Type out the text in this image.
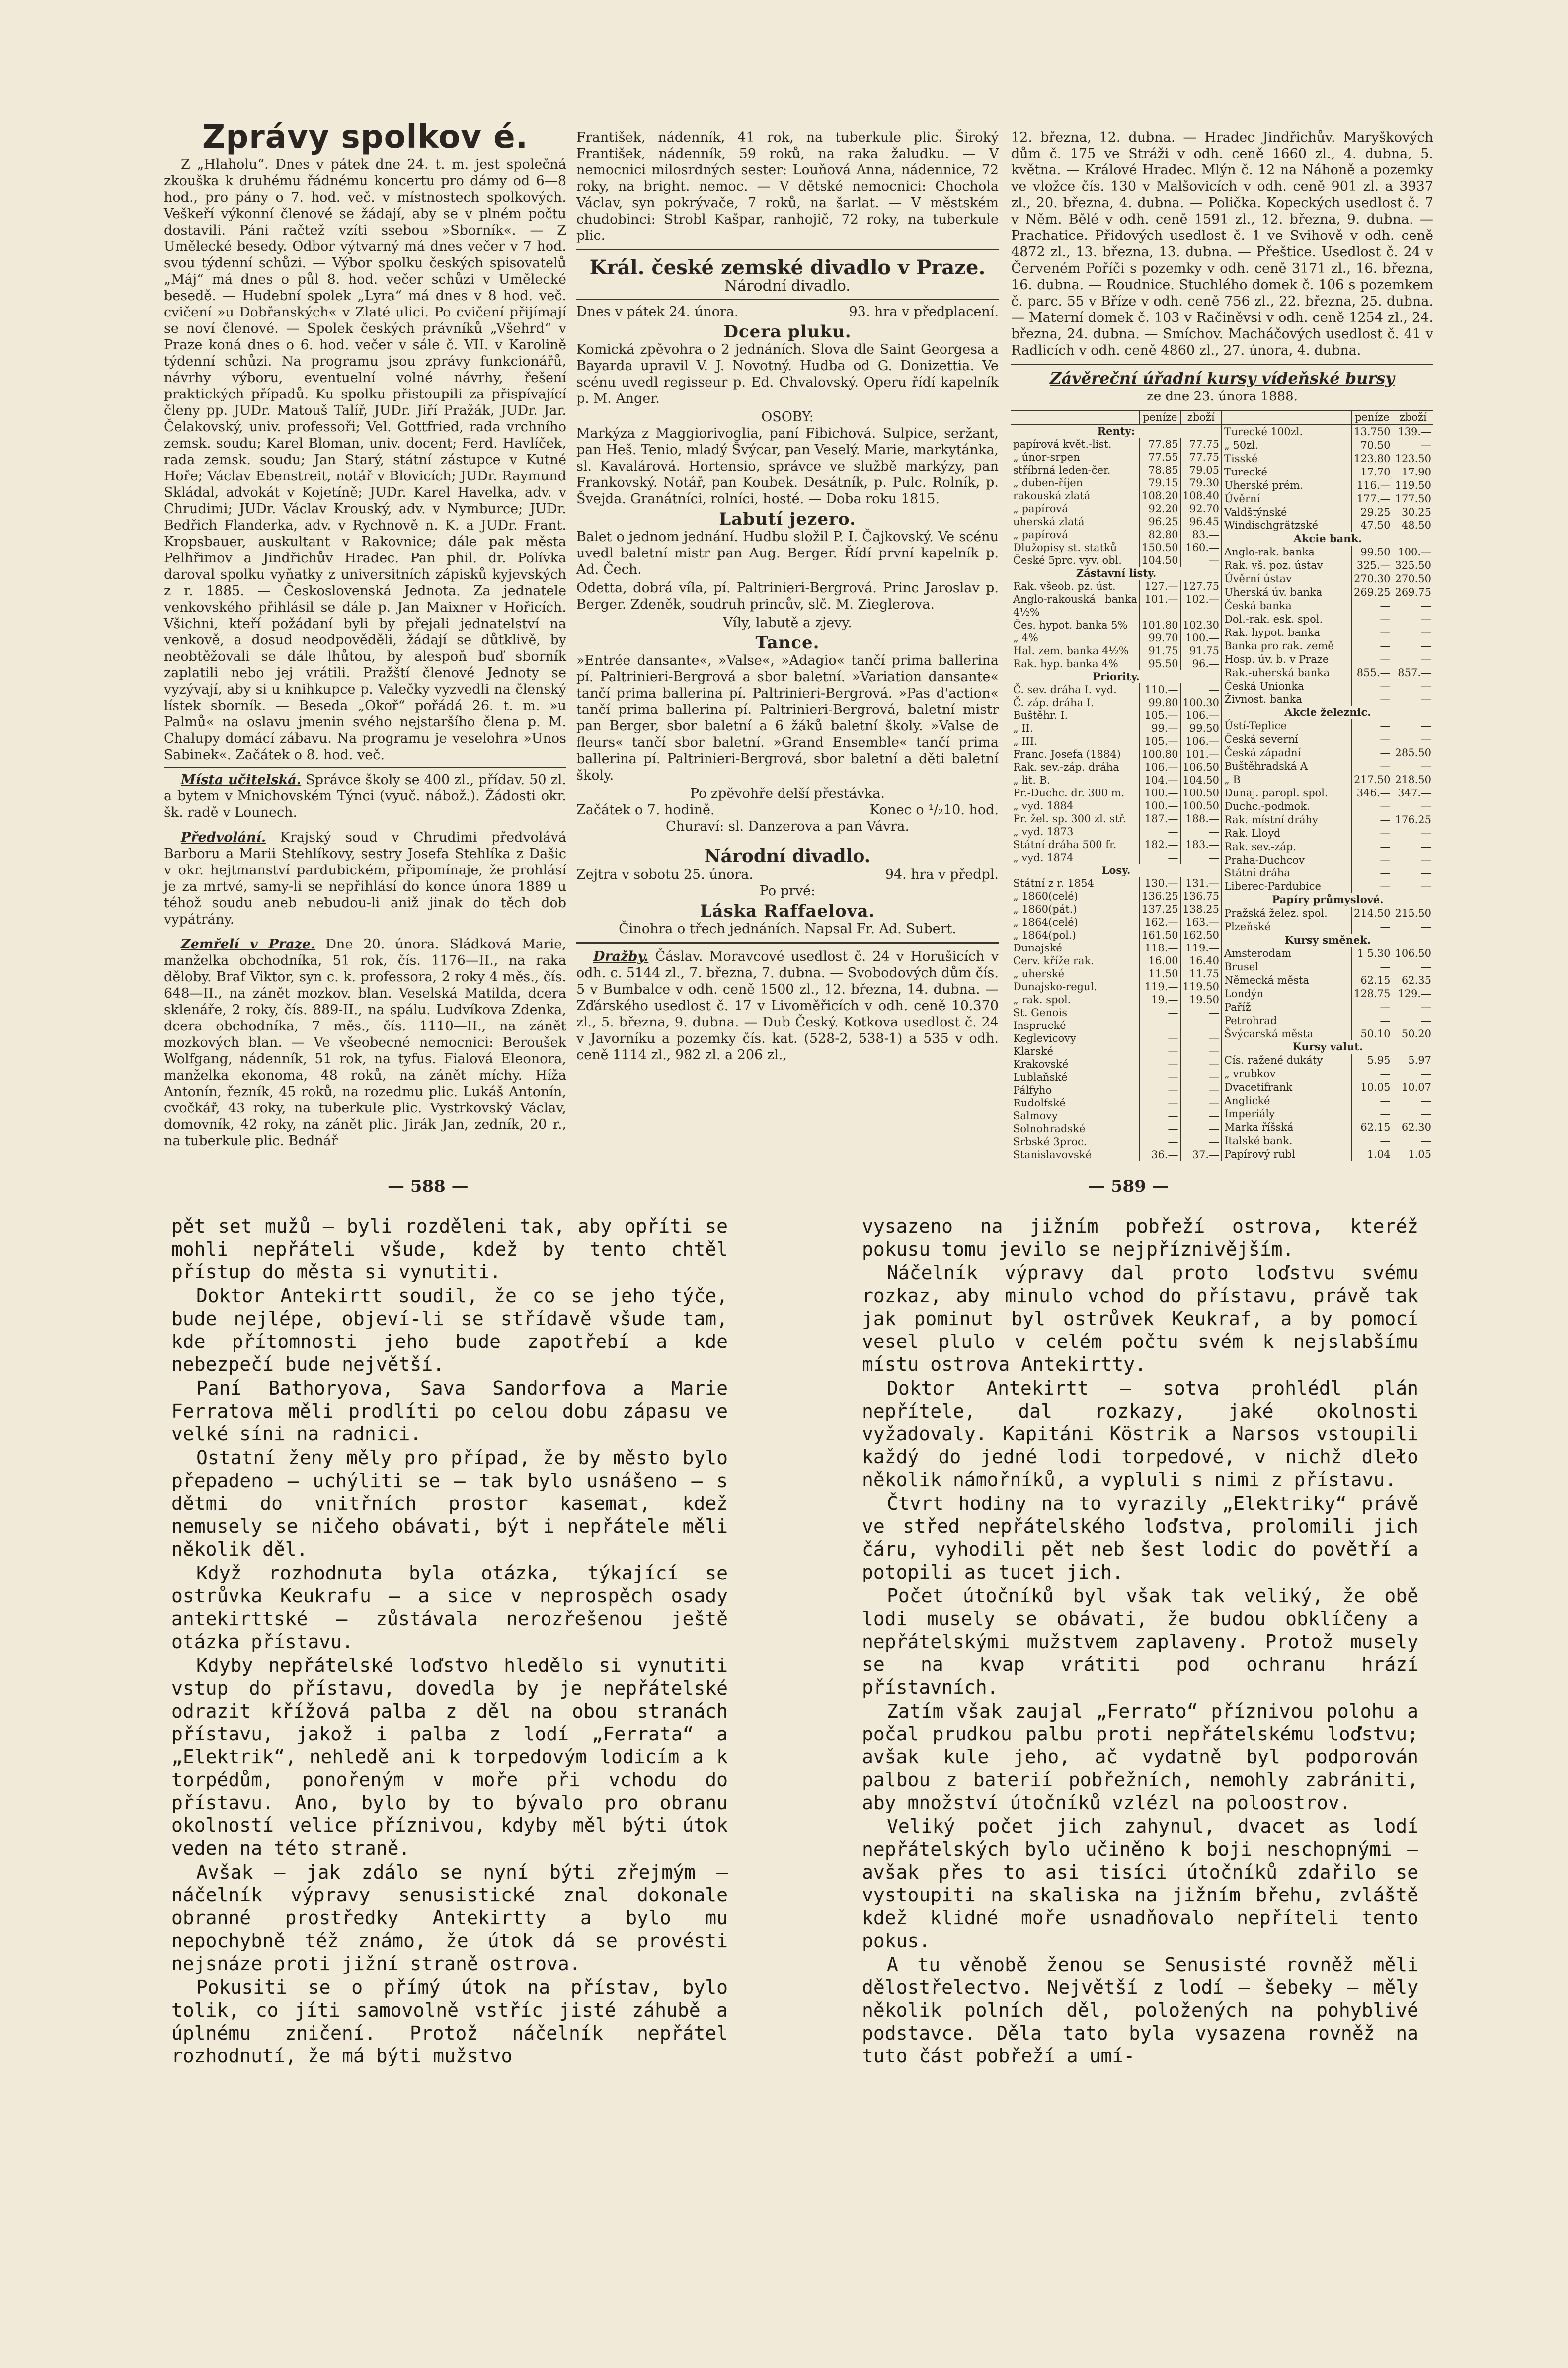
Zprávy spolkov é.

Z „Hlaholu“. Dnes v pátek dne 24. t. m. jest společná zkouška k druhému řádnému koncertu pro dámy od 6—8 hod., pro pány o 7. hod. več. v místnostech spolkových. Veškeří výkonní členové se žádají, aby se v plném počtu dostavili. Páni račtež vzíti ssebou »Sborník«. — Z Umělecké besedy. Odbor výtvarný má dnes večer v 7 hod. svou týdenní schůzi. — Výbor spolku českých spisovatelů „Máj“ má dnes o půl 8. hod. večer schůzi v Umělecké besedě. — Hudební spolek „Lyra“ má dnes v 8 hod. več. cvičení »u Dobřanských« v Zlaté ulici. Po cvičení přijímají se noví členové. — Spolek českých právníků „Všehrd“ v Praze koná dnes o 6. hod. večer v sále č. VII. v Karolině týdenní schůzi. Na programu jsou zprávy funkcionářů, návrhy výboru, eventuelní volné návrhy, řešení praktických případů. Ku spolku přistoupili za přispívající členy pp. JUDr. Matouš Talíř, JUDr. Jiří Pražák, JUDr. Jar. Čelakovský, univ. professoři; Vel. Gottfried, rada vrchního zemsk. soudu; Karel Bloman, univ. docent; Ferd. Havlíček, rada zemsk. soudu; Jan Starý, státní zástupce v Kutné Hoře; Václav Ebenstreit, notář v Blovicích; JUDr. Raymund Skládal, advokát v Kojetíně; JUDr. Karel Havelka, adv. v Chrudimi; JUDr. Václav Krouský, adv. v Nymburce; JUDr. Bedřich Flanderka, adv. v Rychnově n. K. a JUDr. Frant. Kropsbauer, auskultant v Rakovnice; dále pak města Pelhřimov a Jindřichův Hradec. Pan phil. dr. Polívka daroval spolku vyňatky z universitních zápisků kyjevských z r. 1885. — Československá Jednota. Za jednatele venkovského přihlásil se dále p. Jan Maixner v Hořicích. Všichni, kteří požádaní byli by přejali jednatelství na venkově, a dosud neodpověděli, žádají se důtklivě, by neobtěžovali se dále lhůtou, by alespoň buď sborník zaplatili nebo jej vrátili. Pražští členové Jednoty se vyzývají, aby si u knihkupce p. Valečky vyzvedli na členský lístek sborník. — Beseda „Okoř“ pořádá 26. t. m. »u Palmů« na oslavu jmenin svého nejstaršího člena p. M. Chalupy domácí zábavu. Na programu je veselohra »Unos Sabinek«. Začátek o 8. hod. več.

Místa učitelská. Správce školy se 400 zl., přídav. 50 zl. a bytem v Mnichovském Týnci (vyuč. nábož.). Žádosti okr. šk. radě v Lounech.

Předvolání. Krajský soud v Chrudimi předvolává Barboru a Marii Stehlíkovy, sestry Josefa Stehlíka z Dašic v okr. hejtmanství pardubickém, připomínaje, že prohlásí je za mrtvé, samy-li se nepřihlásí do konce února 1889 u téhož soudu aneb nebudou-li aniž jinak do těch dob vypátrány.

Zemřelí v Praze. Dne 20. února. Sládková Marie, manželka obchodníka, 51 rok, čís. 1176—II., na raka děloby. Braf Viktor, syn c. k. professora, 2 roky 4 měs., čís. 648—II., na zánět mozkov. blan. Veselská Matilda, dcera sklenáře, 2 roky, čís. 889-II., na spálu. Ludvíkova Zdenka, dcera obchodníka, 7 měs., čís. 1110—II., na zánět mozkových blan. — Ve všeobecné nemocnici: Beroušek Wolfgang, nádenník, 51 rok, na tyfus. Fialová Eleonora, manželka ekonoma, 48 roků, na zánět míchy. Híža Antonín, řezník, 45 roků, na rozedmu plic. Lukáš Antonín, cvočkář, 43 roky, na tuberkule plic. Vystrkovský Václav, domovník, 42 roky, na zánět plic. Jirák Jan, zedník, 20 r., na tuberkule plic. Bednář

František, nádenník, 41 rok, na tuberkule plic. Široký František, nádenník, 59 roků, na raka žaludku. — V nemocnici milosrdných sester: Louňová Anna, nádennice, 72 roky, na bright. nemoc. — V dětské nemocnici: Chochola Václav, syn pokrývače, 7 roků, na šarlat. — V městském chudobinci: Strobl Kašpar, ranhojič, 72 roky, na tuberkule plic.

Král. české zemské divadlo v Praze.
Národní divadlo.
Dnes v pátek 24. února.	93. hra v předplacení.
Dcera pluku.

Komická zpěvohra o 2 jednáních. Slova dle Saint Georgesa a Bayarda upravil V. J. Novotný. Hudba od G. Donizettia. Ve scénu uvedl regisseur p. Ed. Chvalovský. Operu řídí kapelník p. M. Anger.

OSOBY:

Markýza z Maggiorivoglia, paní Fibichová. Sulpice, seržant, pan Heš. Tenio, mladý Švýcar, pan Veselý. Marie, markytánka, sl. Kavalárová. Hortensio, správce ve službě markýzy, pan Frankovský. Notář, pan Koubek. Desátník, p. Pulc. Rolník, p. Švejda. Granátníci, rolníci, hosté. — Doba roku 1815.

Labutí jezero.

Balet o jednom jednání. Hudbu složil P. I. Čajkovský. Ve scénu uvedl baletní mistr pan Aug. Berger. Řídí první kapelník p. Ad. Čech.

Odetta, dobrá víla, pí. Paltrinieri-Bergrová. Princ Jaroslav p. Berger. Zdeněk, soudruh princův, slč. M. Zieglerova.

Víly, labutě a zjevy.
Tance.

»Entrée dansante«, »Valse«, »Adagio« tančí prima ballerina pí. Paltrinieri-Bergrová a sbor baletní. »Variation dansante« tančí prima ballerina pí. Paltrinieri-Bergrová. »Pas d'action« tančí prima ballerina pí. Paltrinieri-Bergrová, baletní mistr pan Berger, sbor baletní a 6 žáků baletní školy. »Valse de fleurs« tančí sbor baletní. »Grand Ensemble« tančí prima ballerina pí. Paltrinieri-Bergrová, sbor baletní a děti baletní školy.

Po zpěvohře delší přestávka.
Začátek o 7. hodině.	Konec o ¹/₂10. hod.
Churaví: sl. Danzerova a pan Vávra.
Národní divadlo.
Zejtra v sobotu 25. února.	94. hra v předpl.
Po prvé:
Láska Raffaelova.
Činohra o třech jednáních. Napsal Fr. Ad. Subert.

Dražby. Čáslav. Moravcové usedlost č. 24 v Horušicích v odh. c. 5144 zl., 7. března, 7. dubna. — Svobodových dům čís. 5 v Bumbalce v odh. ceně 1500 zl., 12. března, 14. dubna. — Zďárského usedlost č. 17 v Livoměřicích v odh. ceně 10.370 zl., 5. března, 9. dubna. — Dub Český. Kotkova usedlost č. 24 v Javorníku a pozemky čís. kat. (528-2, 538-1) a 535 v odh. ceně 1114 zl., 982 zl. a 206 zl.,

12. března, 12. dubna. — Hradec Jindřichův. Maryškových dům č. 175 ve Stráži v odh. ceně 1660 zl., 4. dubna, 5. května. — Králové Hradec. Mlýn č. 12 na Náhoně a pozemky ve vložce čís. 130 v Malšovicích v odh. ceně 901 zl. a 3937 zl., 20. března, 4. dubna. — Polička. Kopeckých usedlost č. 7 v Něm. Bělé v odh. ceně 1591 zl., 12. března, 9. dubna. — Prachatice. Přidových usedlost č. 1 ve Svihově v odh. ceně 4872 zl., 13. března, 13. dubna. — Přeštice. Usedlost č. 24 v Červeném Poříči s pozemky v odh. ceně 3171 zl., 16. března, 16. dubna. — Roudnice. Stuchlého domek č. 106 s pozemkem č. parc. 55 v Bříze v odh. ceně 756 zl., 22. března, 25. dubna. — Materní domek č. 103 v Račiněvsi v odh. ceně 1254 zl., 24. března, 24. dubna. — Smíchov. Macháčových usedlost č. 41 v Radlicích v odh. ceně 4860 zl., 27. února, 4. dubna.

Závěreční úřadní kursy vídeňské bursy
ze dne 23. února 1888.
	peníze	zboží
Renty:		
papírová květ.-list.	77.85	77.75
„ únor-srpen	77.55	77.75
stříbrná leden-čer.	78.85	79.05
„ duben-říjen	79.15	79.30
rakouská zlatá	108.20	108.40
„ papírová	92.20	92.70
uherská zlatá	96.25	96.45
„ papírová	82.80	83.—
Dlužopisy st. statků	150.50	160.—
České 5prc. vyv. obl.	104.50	—
Zástavní listy.		
Rak. všeob. pz. úst.	127.—	127.75
Anglo-rakouská banka 4½%	101.—	102.—
Čes. hypot. banka 5%	101.80	102.30
„ 4%	99.70	100.—
Hal. zem. banka 4½%	91.75	91.75
Rak. hyp. banka 4%	95.50	96.—
Priority.		
Č. sev. dráha I. vyd.	110.—	—
Č. záp. dráha I.	99.80	100.30
Buštěhr. I.	105.—	106.—
„ II.	99.—	99.50
„ III.	105.—	106.—
Franc. Josefa (1884)	100.80	101.—
Rak. sev.-záp. dráha	106.—	106.50
„ lit. B.	104.—	104.50
Pr.-Duchc. dr. 300 m.	100.—	100.50
„ vyd. 1884	100.—	100.50
Pr. žel. sp. 300 zl. stř.	187.—	188.—
„ vyd. 1873	—	—
Státní dráha 500 fr.	182.—	183.—
„ vyd. 1874	—	—
Losy.		
Státní z r. 1854	130.—	131.—
„ 1860(celé)	136.25	136.75
„ 1860(pát.)	137.25	138.25
„ 1864(celé)	162.—	163.—
„ 1864(pol.)	161.50	162.50
Dunajské	118.—	119.—
Cerv. kříže rak.	16.00	16.40
„ uherské	11.50	11.75
Dunajsko-regul.	119.—	119.50
„ rak. spol.	19.—	19.50
St. Genois	—	—
Insprucké	—	—
Keglevicovy	—	—
Klarské	—	—
Krakovské	—	—
Lublaňské	—	—
Pálfyho	—	—
Rudolfské	—	—
Salmovy	—	—
Solnohradské	—	—
Srbské 3proc.	—	—
Stanislavovské	36.—	37.—
	peníze	zboží
Turecké 100zl.	13.750	139.—
„ 50zl.	70.50	—
Tisské	123.80	123.50
Turecké	17.70	17.90
Uherské prém.	116.—	119.50
Úvěrní	177.—	177.50
Valdštýnské	29.25	30.25
Windischgrätzské	47.50	48.50
Akcie bank.		
Anglo-rak. banka	99.50	100.—
Rak. vš. poz. ústav	325.—	325.50
Úvěrní ústav	270.30	270.50
Uherská úv. banka	269.25	269.75
Česká banka	—	—
Dol.-rak. esk. spol.	—	—
Rak. hypot. banka	—	—
Banka pro rak. země	—	—
Hosp. úv. b. v Praze	—	—
Rak.-uherská banka	855.—	857.—
Česká Unionka	—	—
Živnost. banka	—	—
Akcie železnic.		
Ústí-Teplice	—	—
Česká severní	—	—
Česká západní	—	285.50
Buštěhradská A	—	—
„ B	217.50	218.50
Dunaj. paropl. spol.	346.—	347.—
Duchc.-podmok.	—	—
Rak. místní dráhy	—	176.25
Rak. Lloyd	—	—
Rak. sev.-záp.	—	—
Praha-Duchcov	—	—
Státní dráha	—	—
Liberec-Pardubice	—	—
Papíry průmyslové.		
Pražská želez. spol.	214.50	215.50
Plzeňské	—	—
Kursy směnek.		
Amsterodam	1 5.30	106.50
Brusel	—	—
Německá města	62.15	62.35
Londýn	128.75	129.—
Paříž	—	—
Petrohrad	—	—
Švýcarská města	50.10	50.20
Kursy valut.		
Cís. ražené dukáty	5.95	5.97
„ vrubkov	—	—
Dvacetifrank	10.05	10.07
Anglické	—	—
Imperiály	—	—
Marka říšská	62.15	62.30
Italské bank.	—	—
Papírový rubl	1.04	1.05
— 588 —	— 589 —

pět set mužů — byli rozděleni tak, aby opříti se mohli nepřáteli všude, kdež by tento chtěl přístup do města si vynutiti.

Doktor Antekirtt soudil, že co se jeho týče, bude nejlépe, objeví-li se střídavě všude tam, kde přítomnosti jeho bude zapotřebí a kde nebezpečí bude největší.

Paní Bathoryova, Sava Sandorfova a Marie Ferratova měli prodlíti po celou dobu zápasu ve velké síni na radnici.

Ostatní ženy měly pro případ, že by město bylo přepadeno — uchýliti se — tak bylo usnášeno — s dětmi do vnitřních prostor kasemat, kdež nemusely se ničeho obávati, být i nepřátele měli několik děl.

Když rozhodnuta byla otázka, týkající se ostrůvka Keukrafu — a sice v neprospěch osady antekirttské — zůstávala nerozřešenou ještě otázka přístavu.

Kdyby nepřátelské loďstvo hledělo si vynutiti vstup do přístavu, dovedla by je nepřátelské odrazit křížová palba z děl na obou stranách přístavu, jakož i palba z lodí „Ferrata“ a „Elektrik“, nehledě ani k torpedovým lodicím a k torpédům, ponořeným v moře při vchodu do přístavu. Ano, bylo by to bývalo pro obranu okolností velice příznivou, kdyby měl býti útok veden na této straně.

Avšak — jak zdálo se nyní býti zřejmým — náčelník výpravy senusistické znal dokonale obranné prostředky Antekirtty a bylo mu nepochybně též známo, že útok dá se provésti nejsnáze proti jižní straně ostrova.

Pokusiti se o přímý útok na přístav, bylo tolik, co jíti samovolně vstříc jisté záhubě a úplnému zničení. Protož náčelník nepřátel rozhodnutí, že má býti mužstvo

vysazeno na jižním pobřeží ostrova, kteréž pokusu tomu jevilo se nejpříznivějším.

Náčelník výpravy dal proto loďstvu svému rozkaz, aby minulo vchod do přístavu, právě tak jak pominut byl ostrůvek Keukraf, a by pomocí vesel plulo v celém počtu svém k nejslabšímu místu ostrova Antekirtty.

Doktor Antekirtt — sotva prohlédl plán nepřítele, dal rozkazy, jaké okolnosti vyžadovaly. Kapitáni Köstrik a Narsos vstoupili každý do jedné lodi torpedové, v nichž dleło několik námořníků, a vypluli s nimi z přístavu.

Čtvrt hodiny na to vyrazily „Elektriky“ právě ve střed nepřátelského loďstva, prolomili jich čáru, vyhodili pět neb šest lodic do povětří a potopili as tucet jich.

Počet útočníků byl však tak veliký, že obě lodi musely se obávati, že budou obklíčeny a nepřátelskými mužstvem zaplaveny. Protož musely se na kvap vrátiti pod ochranu hrází přístavních.

Zatím však zaujal „Ferrato“ příznivou polohu a počal prudkou palbu proti nepřátelskému loďstvu; avšak kule jeho, ač vydatně byl podporován palbou z baterií pobřežních, nemohly zabrániti, aby množství útočníků vzlézl na poloostrov.

Veliký počet jich zahynul, dvacet as lodí nepřátelských bylo učiněno k boji neschopnými — avšak přes to asi tisíci útočníků zdařilo se vystoupiti na skaliska na jižním břehu, zvláště kdež klidné moře usnadňovalo nepříteli tento pokus.

A tu věnobě ženou se Senusisté rovněž měli dělostřelectvo. Největší z lodí — šebeky — měly několik polních děl, položených na pohyblivé podstavce. Děla tato byla vysazena rovněž na tuto část pobřeží a umí-
